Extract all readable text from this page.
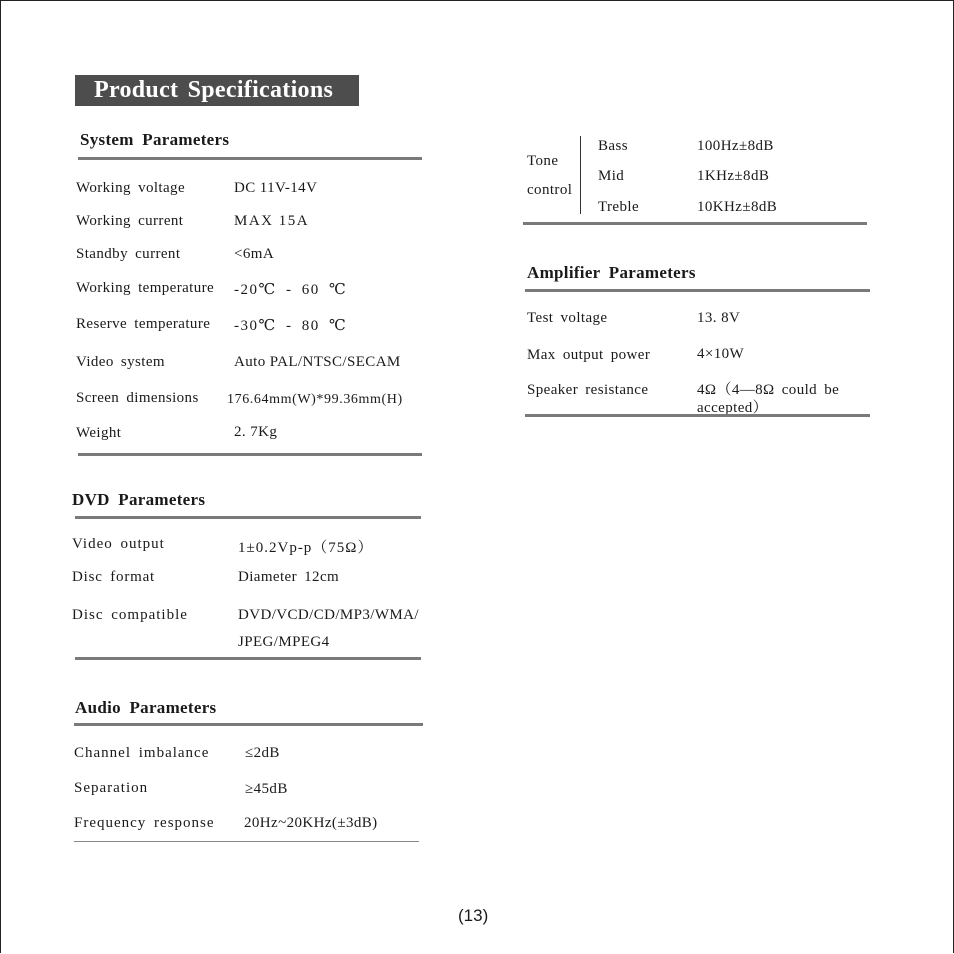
Product Specifications
System Parameters
Working voltage	DC 11V-14V
Working current	MAX 15A
Standby current	<6mA
Working temperature -20℃ - 60 ℃
Reserve temperature -30℃ - 80 ℃
Video system	Auto PAL/NTSC/SECAM
Screen dimensions 176.64mm(W)*99.36mm(H)
Weight	2. 7Kg
DVD Parameters
Video output	1±0.2Vp-p（75Ω）
Disc format	Diameter 12cm
Disc compatible	DVD/VCD/CD/MP3/WMA/
JPEG/MPEG4
Audio Parameters
Channel imbalance ≤2dB
Separation	≥45dB
Frequency response 20Hz~20KHz(±3dB)
Tone
control
Bass	100Hz±8dB
Mid	1KHz±8dB
Treble	10KHz±8dB
Amplifier Parameters
Test voltage	13. 8V
Max output power	4×10W
Speaker resistance	4Ω（4—8Ω could be
accepted）
(13)
